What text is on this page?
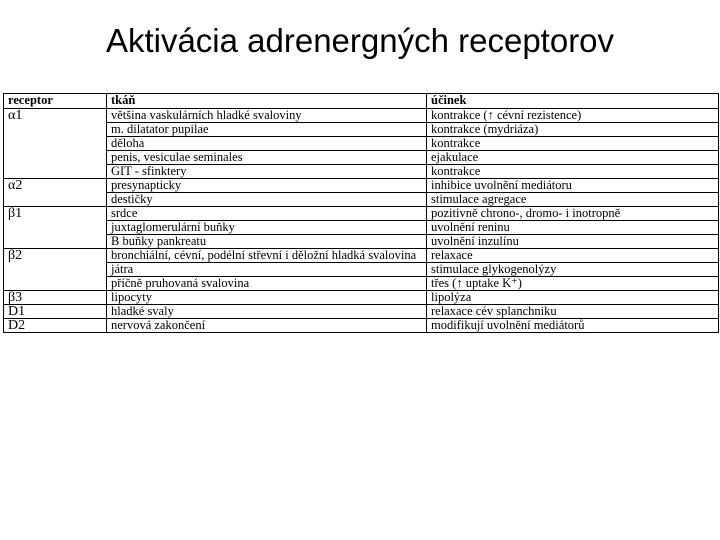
Aktivácia adrenergných receptorov
receptor	tkáň	účinek
α1	většina vaskulárních hladké svaloviny	kontrakce (↑ cévní rezistence)
	m. dilatator pupilae	kontrakce (mydriáza)
	děloha	kontrakce
	penis, vesiculae seminales	ejakulace
	GIT - sfinktery	kontrakce
α2	presynapticky	inhibice uvolnění mediátoru
	destičky	stimulace agregace
β1	srdce	pozitivně chrono-, dromo- i inotropně
	juxtaglomerulární buňky	uvolnění reninu
	B buňky pankreatu	uvolnění inzulínu
β2	bronchiální, cévní, podélní střevní i děložní hladká svalovina	relaxace
	játra	stimulace glykogenolýzy
	příčně pruhovaná svalovina	třes (↑ uptake K⁺)
β3	lipocyty	lipolýza
D1	hladké svaly	relaxace cév splanchniku
D2	nervová zakončení	modifikují uvolnění mediátorů
